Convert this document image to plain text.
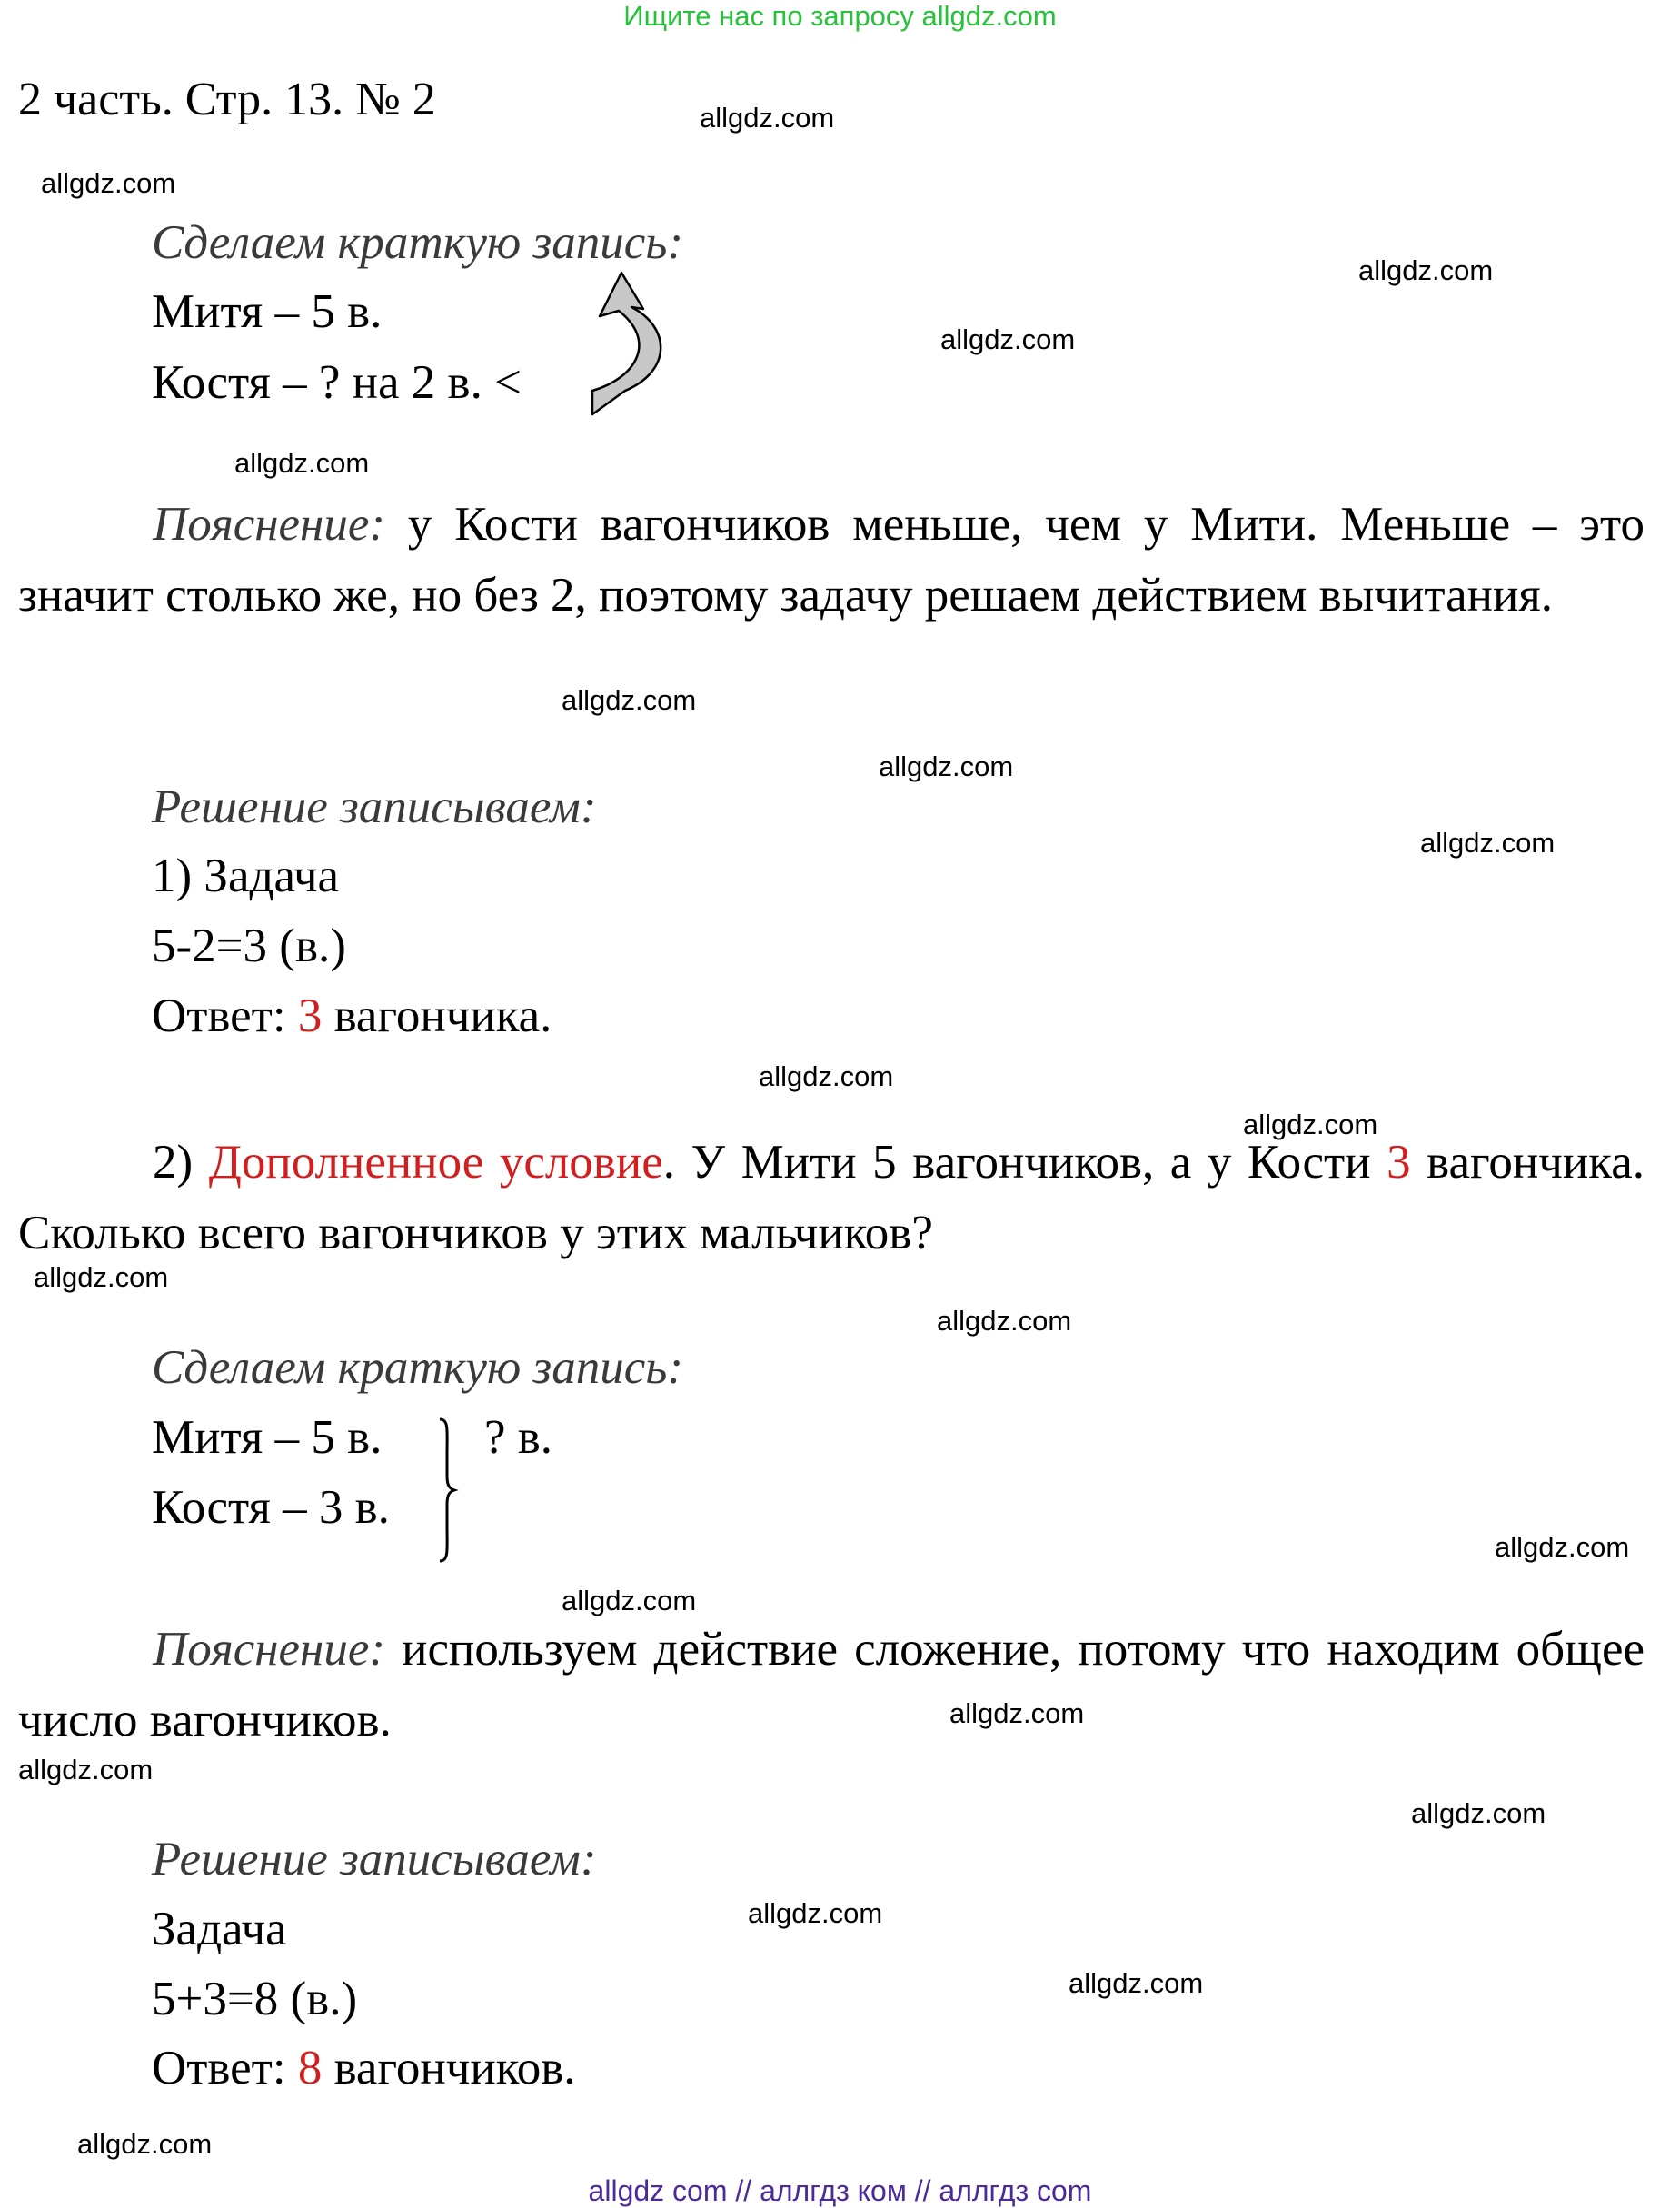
Ищите нас по запросу allgdz.com
2 часть. Стр. 13. № 2
Сделаем краткую запись:
Митя – 5 в.
Костя – ? на 2 в. <
Пояснение: у Кости вагончиков меньше, чем у Мити. Меньше – это значит столько же, но без 2, поэтому задачу решаем действием вычитания.
Решение записываем:
1) Задача
5-2=3 (в.)
Ответ: 3 вагончика.
2) Дополненное условие. У Мити 5 вагончиков, а у Кости 3 вагончика. Сколько всего вагончиков у этих мальчиков?
Сделаем краткую запись:
Митя – 5 в.
Костя – 3 в.
? в.
Пояснение: используем действие сложение, потому что находим общее число вагончиков.
Решение записываем:
Задача
5+3=8 (в.)
Ответ: 8 вагончиков.
allgdz.com
allgdz.com
allgdz.com
allgdz.com
allgdz.com
allgdz.com
allgdz.com
allgdz.com
allgdz.com
allgdz.com
allgdz.com
allgdz.com
allgdz.com
allgdz.com
allgdz.com
allgdz.com
allgdz.com
allgdz.com
allgdz.com
allgdz.com
allgdz com // аллгдз ком // аллгдз com
